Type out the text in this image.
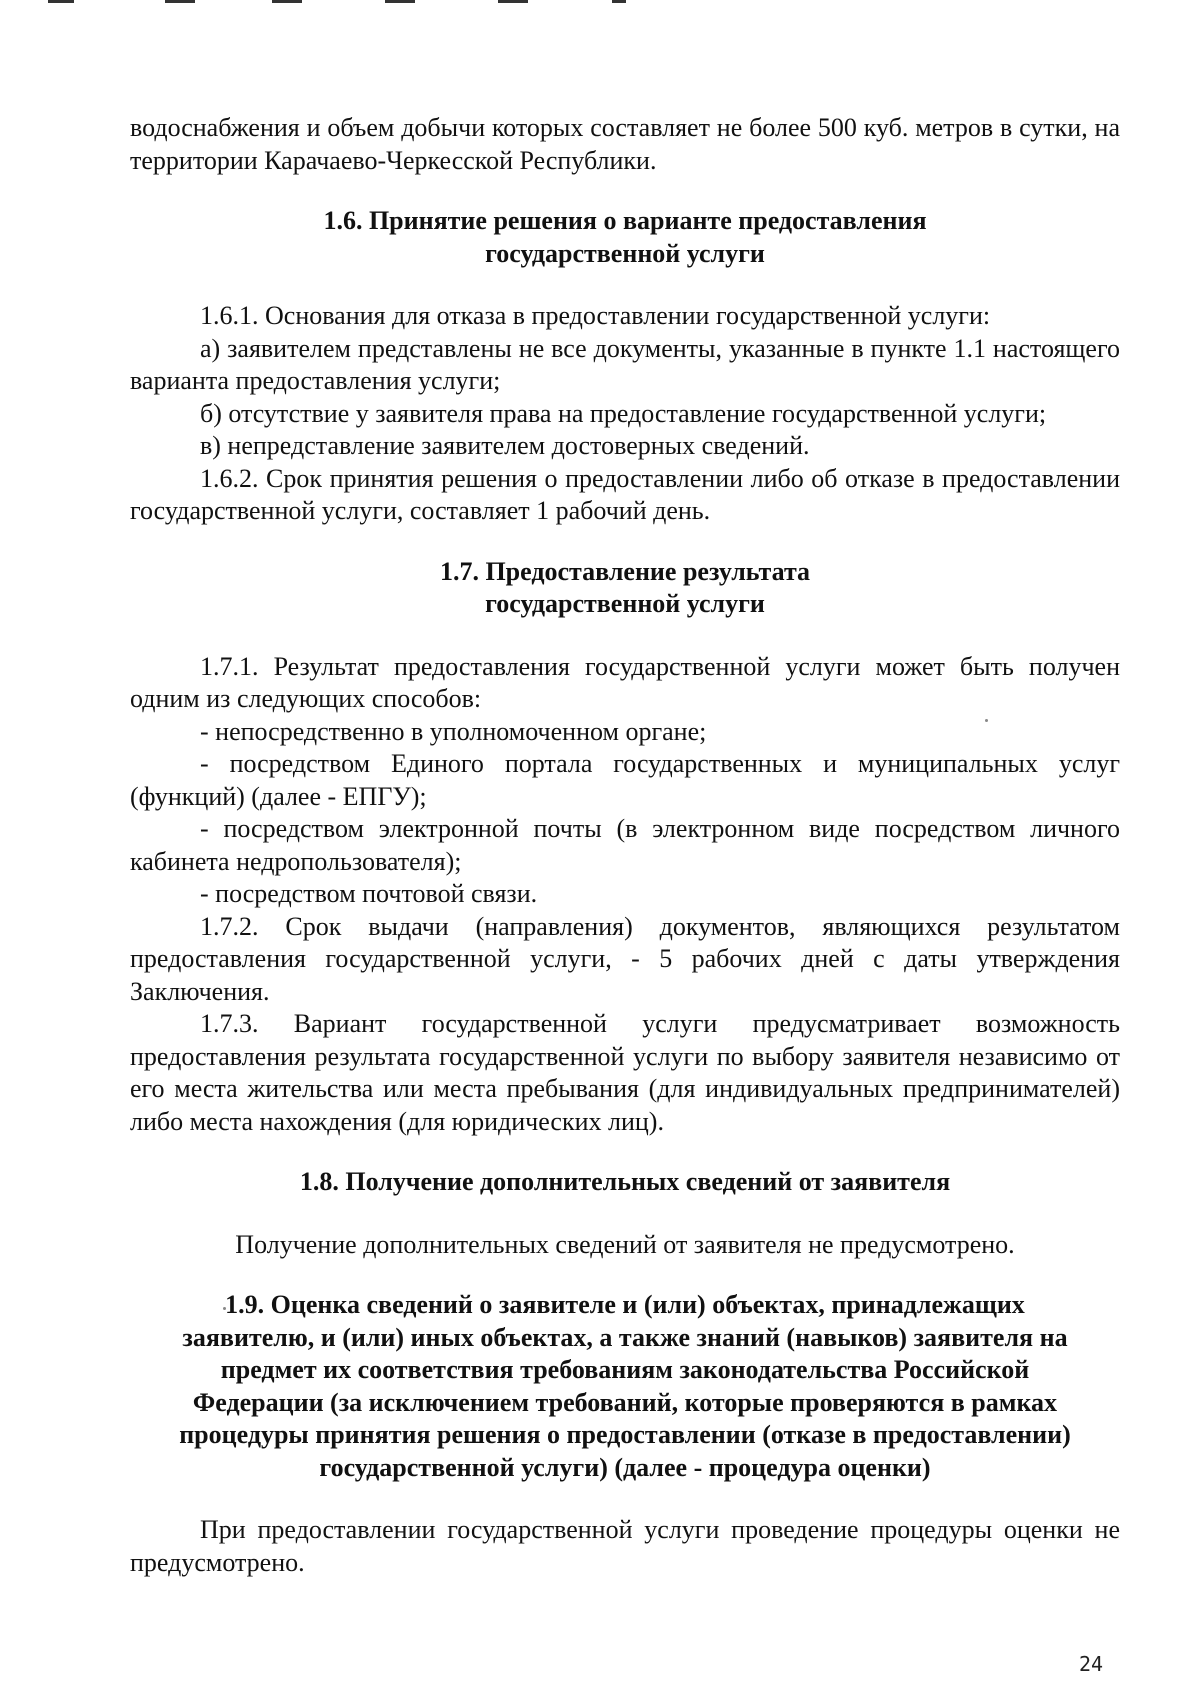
водоснабжения и объем добычи которых составляет не более 500 куб. метров в сутки, на территории Карачаево-Черкесской Республики.

1.6. Принятие решения о варианте предоставления

государственной услуги

1.6.1. Основания для отказа в предоставлении государственной услуги:

а) заявителем представлены не все документы, указанные в пункте 1.1 настоящего варианта предоставления услуги;

б) отсутствие у заявителя права на предоставление государственной услуги;

в) непредставление заявителем достоверных сведений.

1.6.2. Срок принятия решения о предоставлении либо об отказе в предоставлении государственной услуги, составляет 1 рабочий день.

1.7. Предоставление результата

государственной услуги

1.7.1. Результат предоставления государственной услуги может быть получен одним из следующих способов:

- непосредственно в уполномоченном органе;

- посредством Единого портала государственных и муниципальных услуг (функций) (далее - ЕПГУ);

- посредством электронной почты (в электронном виде посредством личного кабинета недропользователя);

- посредством почтовой связи.

1.7.2. Срок выдачи (направления) документов, являющихся результатом предоставления государственной услуги, - 5 рабочих дней с даты утверждения Заключения.

1.7.3. Вариант государственной услуги предусматривает возможность предоставления результата государственной услуги по выбору заявителя независимо от его места жительства или места пребывания (для индивидуальных предпринимателей) либо места нахождения (для юридических лиц).

1.8. Получение дополнительных сведений от заявителя

Получение дополнительных сведений от заявителя не предусмотрено.

1.9. Оценка сведений о заявителе и (или) объектах, принадлежащих

заявителю, и (или) иных объектах, а также знаний (навыков) заявителя на

предмет их соответствия требованиям законодательства Российской

Федерации (за исключением требований, которые проверяются в рамках

процедуры принятия решения о предоставлении (отказе в предоставлении)

государственной услуги) (далее - процедура оценки)

При предоставлении государственной услуги проведение процедуры оценки не предусмотрено.

24
